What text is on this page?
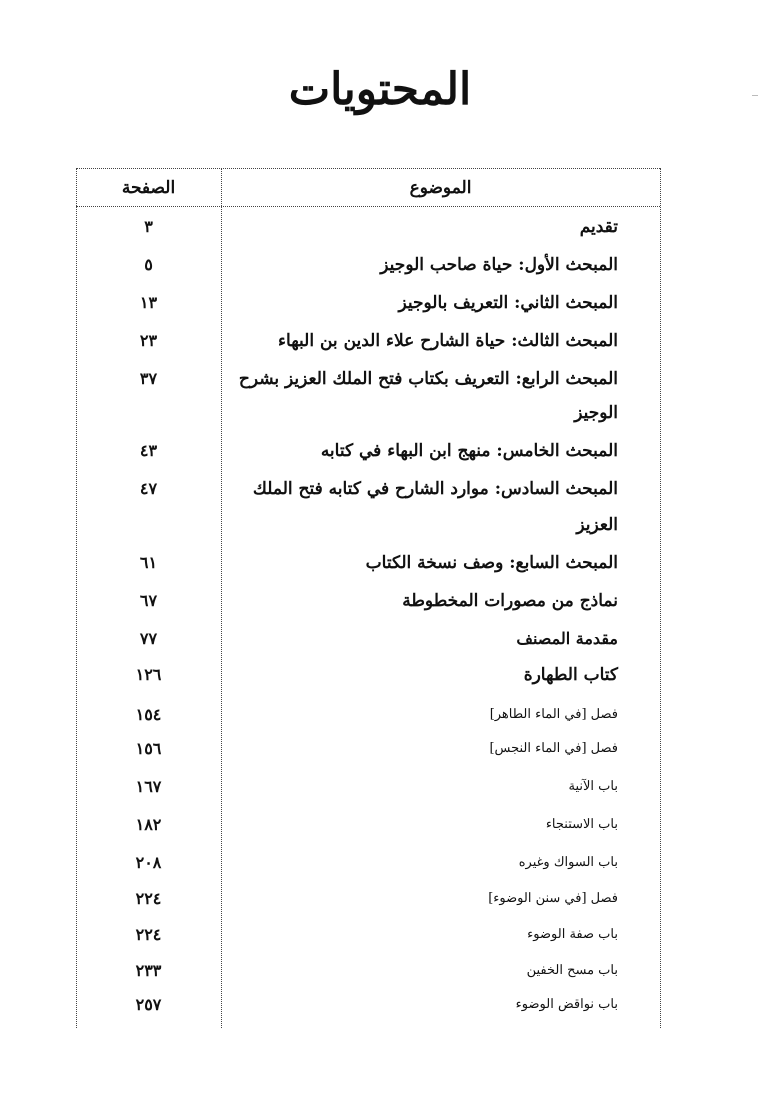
المحتويات
الصفحة	الموضوع
تقديم
٣
المبحث الأول: حياة صاحب الوجيز
٥
المبحث الثاني: التعريف بالوجيز
١٣
المبحث الثالث: حياة الشارح علاء الدين بن البهاء
٢٣
المبحث الرابع: التعريف بكتاب فتح الملك العزيز بشرح
٣٧
الوجيز
المبحث الخامس: منهج ابن البهاء في كتابه
٤٣
المبحث السادس: موارد الشارح في كتابه فتح الملك
٤٧
العزيز
المبحث السابع: وصف نسخة الكتاب
٦١
نماذج من مصورات المخطوطة
٦٧
مقدمة المصنف
٧٧
كتاب الطهارة
١٢٦
فصل [في الماء الطاهر]
١٥٤
فصل [في الماء النجس]
١٥٦
باب الآنية
١٦٧
باب الاستنجاء
١٨٢
باب السواك وغيره
٢٠٨
فصل [في سنن الوضوء]
٢٢٤
باب صفة الوضوء
٢٢٤
باب مسح الخفين
٢٣٣
باب نواقض الوضوء
٢٥٧
